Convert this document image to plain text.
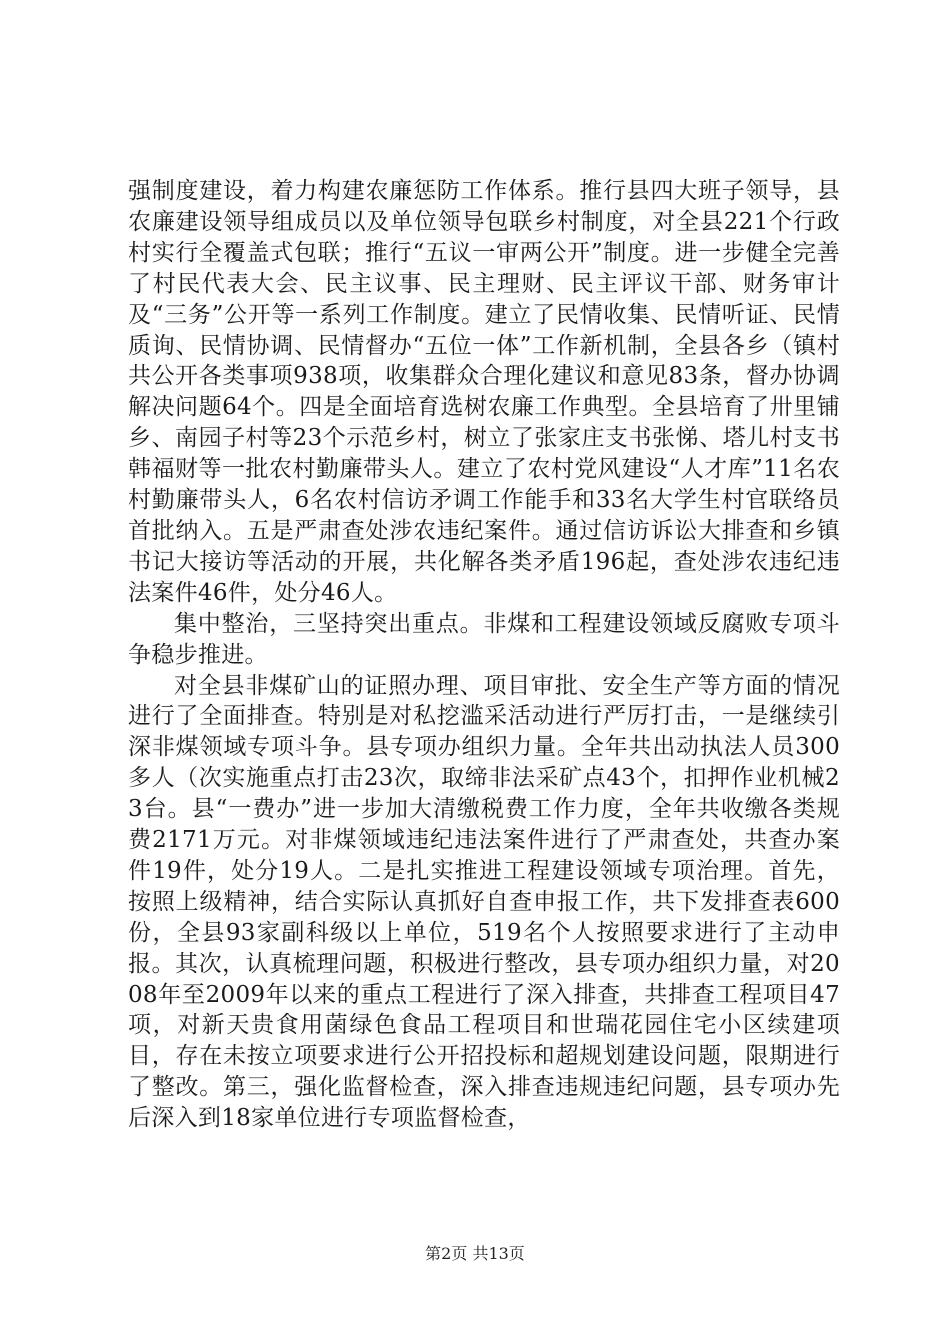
强制度建设，着力构建农廉惩防工作体系。推行县四大班子领导，县农廉建设领导组成员以及单位领导包联乡村制度，对全县221个行政村实行全覆盖式包联；推行“五议一审两公开”制度。进一步健全完善了村民代表大会、民主议事、民主理财、民主评议干部、财务审计及“三务”公开等一系列工作制度。建立了民情收集、民情听证、民情质询、民情协调、民情督办“五位一体”工作新机制，全县各乡（镇村共公开各类事项938项，收集群众合理化建议和意见83条，督办协调解决问题64个。四是全面培育选树农廉工作典型。全县培育了卅里铺乡、南园子村等23个示范乡村，树立了张家庄支书张悌、塔儿村支书韩福财等一批农村勤廉带头人。建立了农村党风建设“人才库”11名农村勤廉带头人，6名农村信访矛调工作能手和33名大学生村官联络员首批纳入。五是严肃查处涉农违纪案件。通过信访诉讼大排查和乡镇书记大接访等活动的开展，共化解各类矛盾196起，查处涉农违纪违法案件46件，处分46人。

集中整治，三坚持突出重点。非煤和工程建设领域反腐败专项斗争稳步推进。

对全县非煤矿山的证照办理、项目审批、安全生产等方面的情况进行了全面排查。特别是对私挖滥采活动进行严厉打击，一是继续引深非煤领域专项斗争。县专项办组织力量。全年共出动执法人员300多人（次实施重点打击23次，取缔非法采矿点43个，扣押作业机械23台。县“一费办”进一步加大清缴税费工作力度，全年共收缴各类规费2171万元。对非煤领域违纪违法案件进行了严肃查处，共查办案件19件，处分19人。二是扎实推进工程建设领域专项治理。首先，按照上级精神，结合实际认真抓好自查申报工作，共下发排查表600份，全县93家副科级以上单位，519名个人按照要求进行了主动申报。其次，认真梳理问题，积极进行整改，县专项办组织力量，对2008年至2009年以来的重点工程进行了深入排查，共排查工程项目47项，对新天贵食用菌绿色食品工程项目和世瑞花园住宅小区续建项目，存在未按立项要求进行公开招投标和超规划建设问题，限期进行了整改。第三，强化监督检查，深入排查违规违纪问题，县专项办先后深入到18家单位进行专项监督检查，

第2页 共13页
